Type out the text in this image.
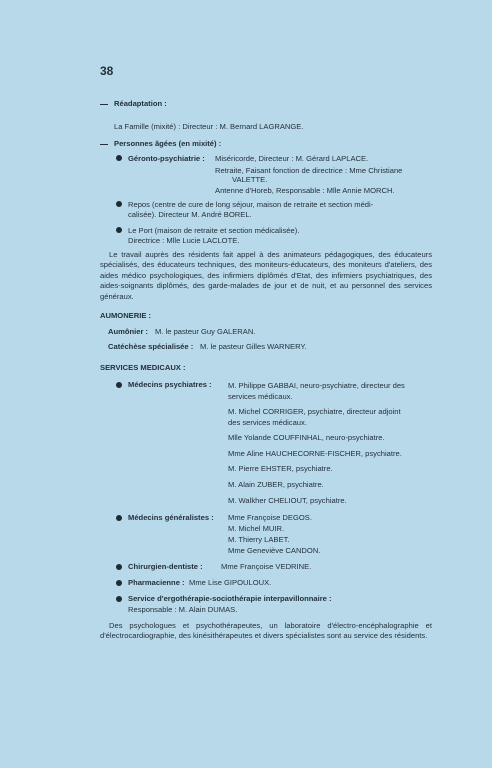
38
Réadaptation :
La Famille (mixité) : Directeur : M. Bernard LAGRANGE.
Personnes âgées (en mixité) :
Géronto-psychiatrie : Miséricorde, Directeur : M. Gérard LAPLACE.
Retraite, Faisant fonction de directrice : Mme Christiane
VALETTE.
Antenne d'Horeb, Responsable : Mlle Annie MORCH.
Repos (centre de cure de long séjour, maison de retraite et section médi-
calisée). Directeur M. André BOREL.
Le Port (maison de retraite et section médicalisée).
Directrice : Mlle Lucie LACLOTE.
Le travail auprès des résidents fait appel à des animateurs pédagogiques, des éducateurs spécialisés, des éducateurs techniques, des moniteurs-éducateurs, des moniteurs d'ateliers, des aides médico psychologiques, des infirmiers diplômés d'Etat, des infirmiers psychiatriques, des aides-soignants diplômés, des garde-malades de jour et de nuit, et au personnel des services généraux.
AUMONERIE :
Aumônier : M. le pasteur Guy GALERAN.
Catéchèse spécialisée : M. le pasteur Gilles WARNERY.
SERVICES MEDICAUX :
Médecins psychiatres : M. Philippe GABBAI, neuro-psychiatre, directeur des
services médicaux.
M. Michel CORRIGER, psychiatre, directeur adjoint
des services médicaux.
Mlle Yolande COUFFINHAL, neuro-psychiatre.
Mme Aline HAUCHECORNE-FISCHER, psychiatre.
M. Pierre EHSTER, psychiatre.
M. Alain ZUBER, psychiatre.
M. Walkher CHELIOUT, psychiatre.
Médecins généralistes : Mme Françoise DEGOS.
M. Michel MUIR.
M. Thierry LABET.
Mme Geneviève CANDON.
Chirurgien-dentiste : Mme Françoise VEDRINE.
Pharmacienne : Mme Lise GIPOULOUX.
Service d'ergothérapie-sociothérapie interpavillonnaire :
Responsable : M. Alain DUMAS.
Des psychologues et psychothérapeutes, un laboratoire d'électro-encéphalographie et d'électrocardiographie, des kinésithérapeutes et divers spécialistes sont au service des résidents.
